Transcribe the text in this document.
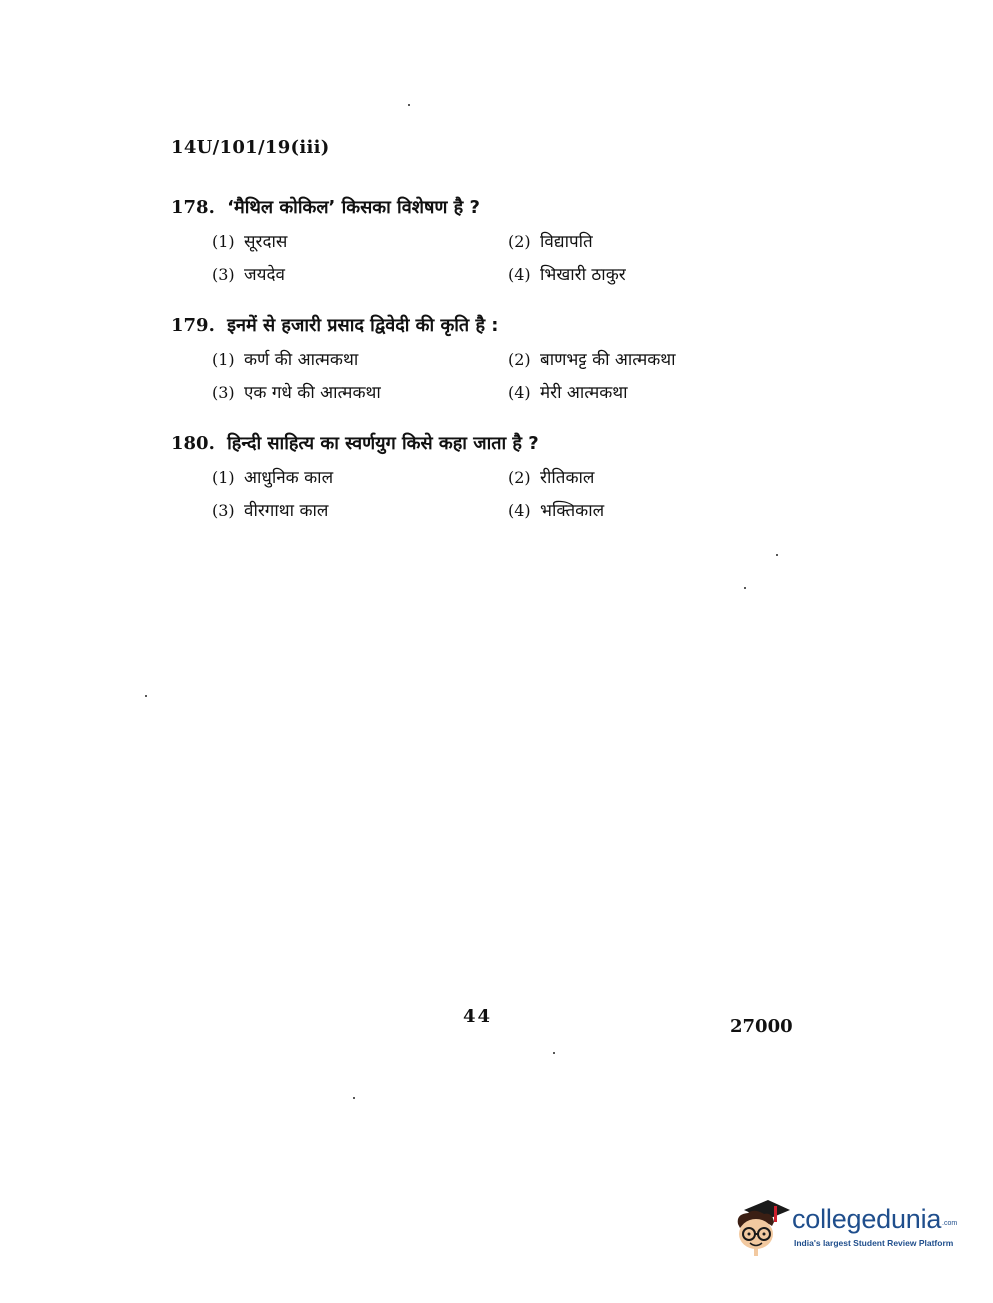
14U/101/19(iii)
178. ‘मैथिल कोकिल’ किसका विशेषण है ?
(1) सूरदास	(2) विद्यापति
(3) जयदेव	(4) भिखारी ठाकुर
179. इनमें से हजारी प्रसाद द्विवेदी की कृति है :
(1) कर्ण की आत्मकथा	(2) बाणभट्ट की आत्मकथा
(3) एक गधे की आत्मकथा	(4) मेरी आत्मकथा
180. हिन्दी साहित्य का स्वर्णयुग किसे कहा जाता है ?
(1) आधुनिक काल	(2) रीतिकाल
(3) वीरगाथा काल	(4) भक्तिकाल
44	27000
collegedunia .com
India's largest Student Review Platform
